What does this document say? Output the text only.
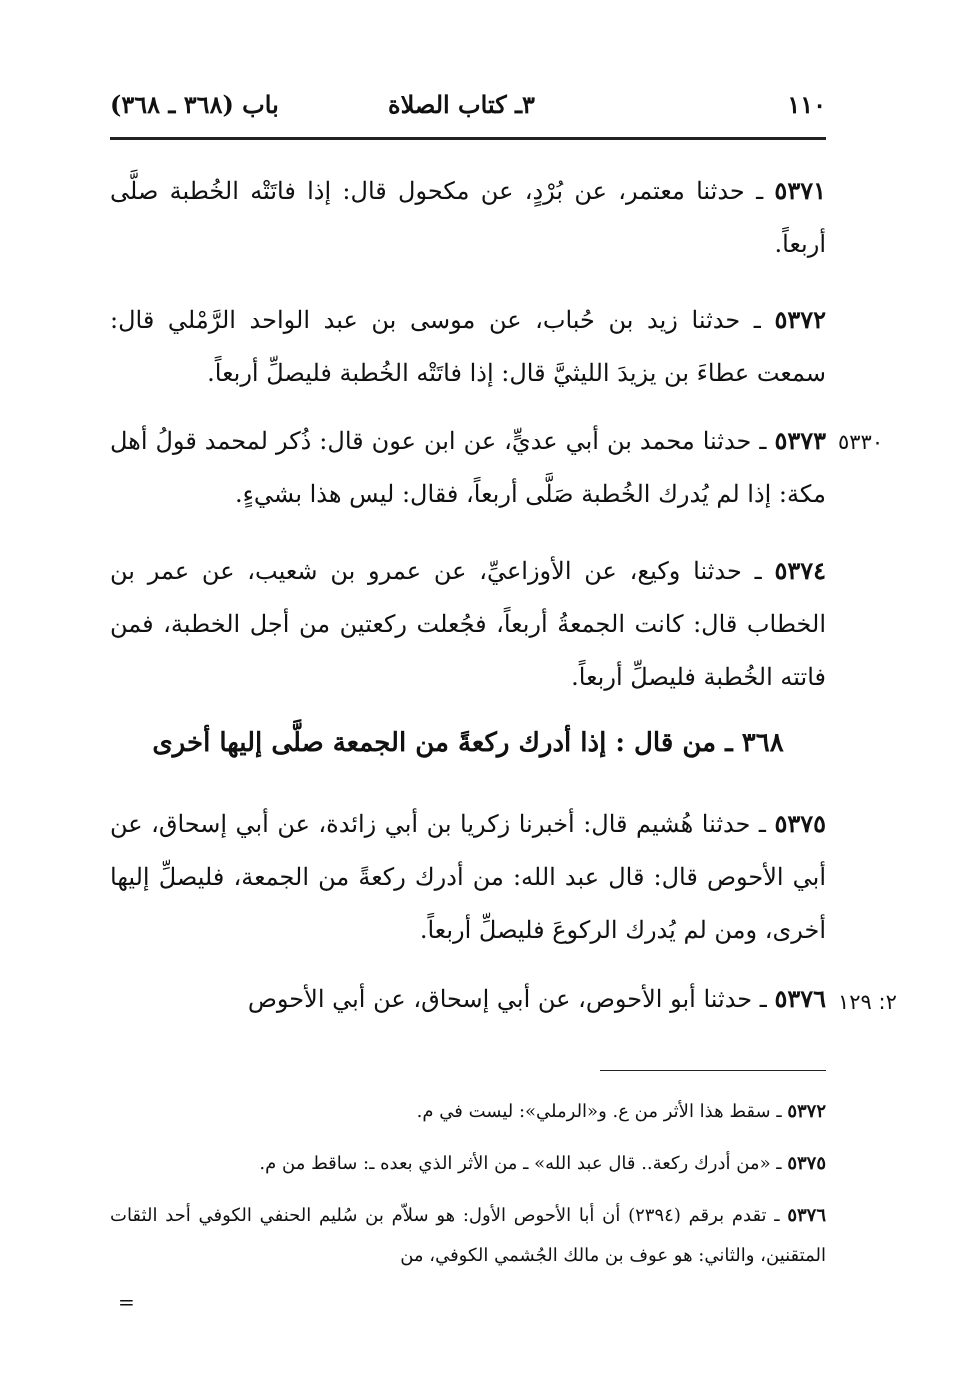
١١٠
٣ـ كتاب الصلاة
باب (٣٦٨ ـ ٣٦٨)
٥٣٧١ ـ حدثنا معتمر، عن بُرْدٍ، عن مكحول قال: إذا فاتَتْه الخُطبة صلَّى أربعاً.
٥٣٧٢ ـ حدثنا زيد بن حُباب، عن موسى بن عبد الواحد الرَّمْلي قال: سمعت عطاءَ بن يزيدَ الليثيَّ قال: إذا فاتَتْه الخُطبة فليصلِّ أربعاً.
٥٣٣٠
٥٣٧٣ ـ حدثنا محمد بن أبي عديٍّ، عن ابن عون قال: ذُكر لمحمد قولُ أهل مكة: إذا لم يُدرك الخُطبة صَلَّى أربعاً، فقال: ليس هذا بشيءٍ.
٥٣٧٤ ـ حدثنا وكيع، عن الأوزاعيِّ، عن عمرو بن شعيب، عن عمر بن الخطاب قال: كانت الجمعةُ أربعاً، فجُعلت ركعتين من أجل الخطبة، فمن فاتته الخُطبة فليصلِّ أربعاً.
٣٦٨ ـ من قال : إذا أدرك ركعةً من الجمعة صلَّى إليها أخرى
٥٣٧٥ ـ حدثنا هُشيم قال: أخبرنا زكريا بن أبي زائدة، عن أبي إسحاق، عن أبي الأحوص قال: قال عبد الله: من أدرك ركعةً من الجمعة، فليصلِّ إليها أخرى، ومن لم يُدرك الركوعَ فليصلِّ أربعاً.
٢: ١٢٩
٥٣٧٦ ـ حدثنا أبو الأحوص، عن أبي إسحاق، عن أبي الأحوص
٥٣٧٢ ـ سقط هذا الأثر من ع. و«الرملي»: ليست في م.
٥٣٧٥ ـ «من أدرك ركعة.. قال عبد الله» ـ من الأثر الذي بعده ـ: ساقط من م.
٥٣٧٦ ـ تقدم برقم (٢٣٩٤) أن أبا الأحوص الأول: هو سلاّم بن سُليم الحنفي الكوفي أحد الثقات المتقنين، والثاني: هو عوف بن مالك الجُشمي الكوفي، من
=
